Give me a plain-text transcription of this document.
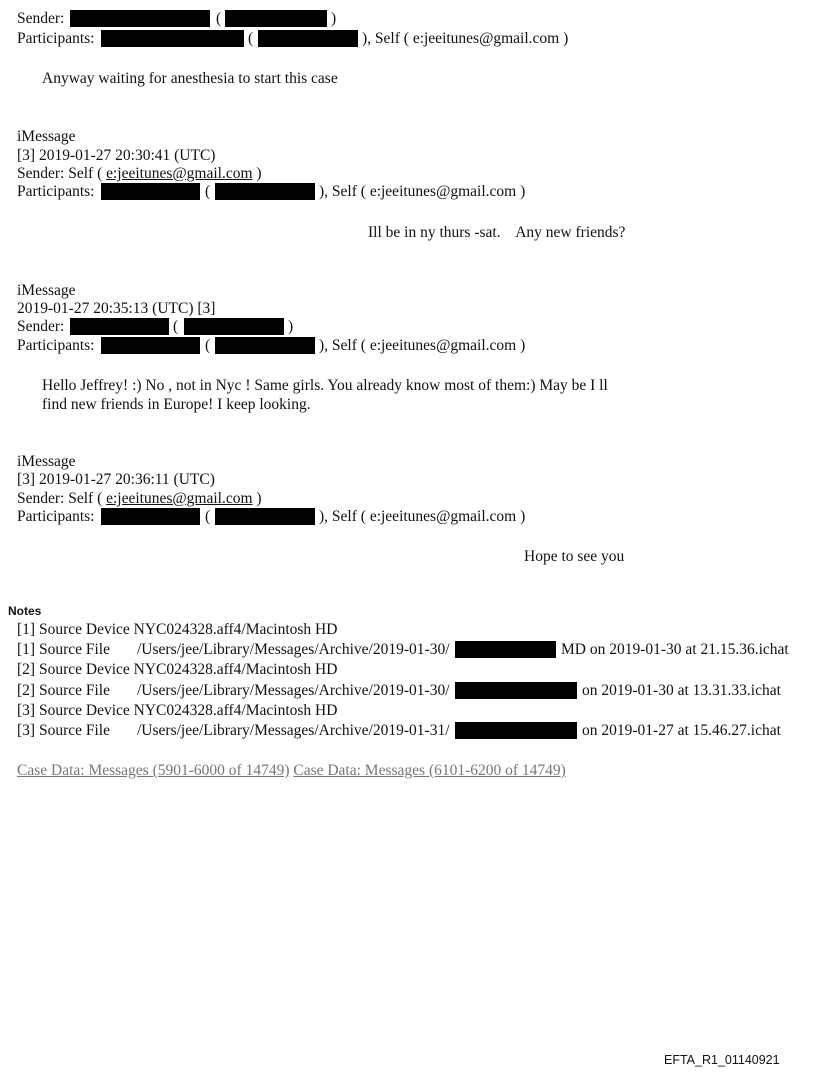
Sender:	(	)
Participants:	(	), Self ( e:jeeitunes@gmail.com )
Anyway waiting for anesthesia to start this case
iMessage
[3] 2019-01-27 20:30:41 (UTC)
Sender: Self ( e:jeeitunes@gmail.com )
Participants:	(	), Self ( e:jeeitunes@gmail.com )
Ill be in ny thurs -sat.    Any new friends?
iMessage
2019-01-27 20:35:13 (UTC) [3]
Sender:	(	)
Participants:	(	), Self ( e:jeeitunes@gmail.com )
Hello Jeffrey! :) No , not in Nyc ! Same girls. You already know most of them:) May be I ll
find new friends in Europe! I keep looking.
iMessage
[3] 2019-01-27 20:36:11 (UTC)
Sender: Self ( e:jeeitunes@gmail.com )
Participants:	(	), Self ( e:jeeitunes@gmail.com )
Hope to see you
Notes
[1] Source Device NYC024328.aff4/Macintosh HD
[1] Source File /Users/jee/Library/Messages/Archive/2019-01-30/	MD on 2019-01-30 at 21.15.36.ichat
[2] Source Device NYC024328.aff4/Macintosh HD
[2] Source File /Users/jee/Library/Messages/Archive/2019-01-30/	on 2019-01-30 at 13.31.33.ichat
[3] Source Device NYC024328.aff4/Macintosh HD
[3] Source File /Users/jee/Library/Messages/Archive/2019-01-31/	on 2019-01-27 at 15.46.27.ichat
Case Data: Messages (5901-6000 of 14749) Case Data: Messages (6101-6200 of 14749)
EFTA_R1_01140921
